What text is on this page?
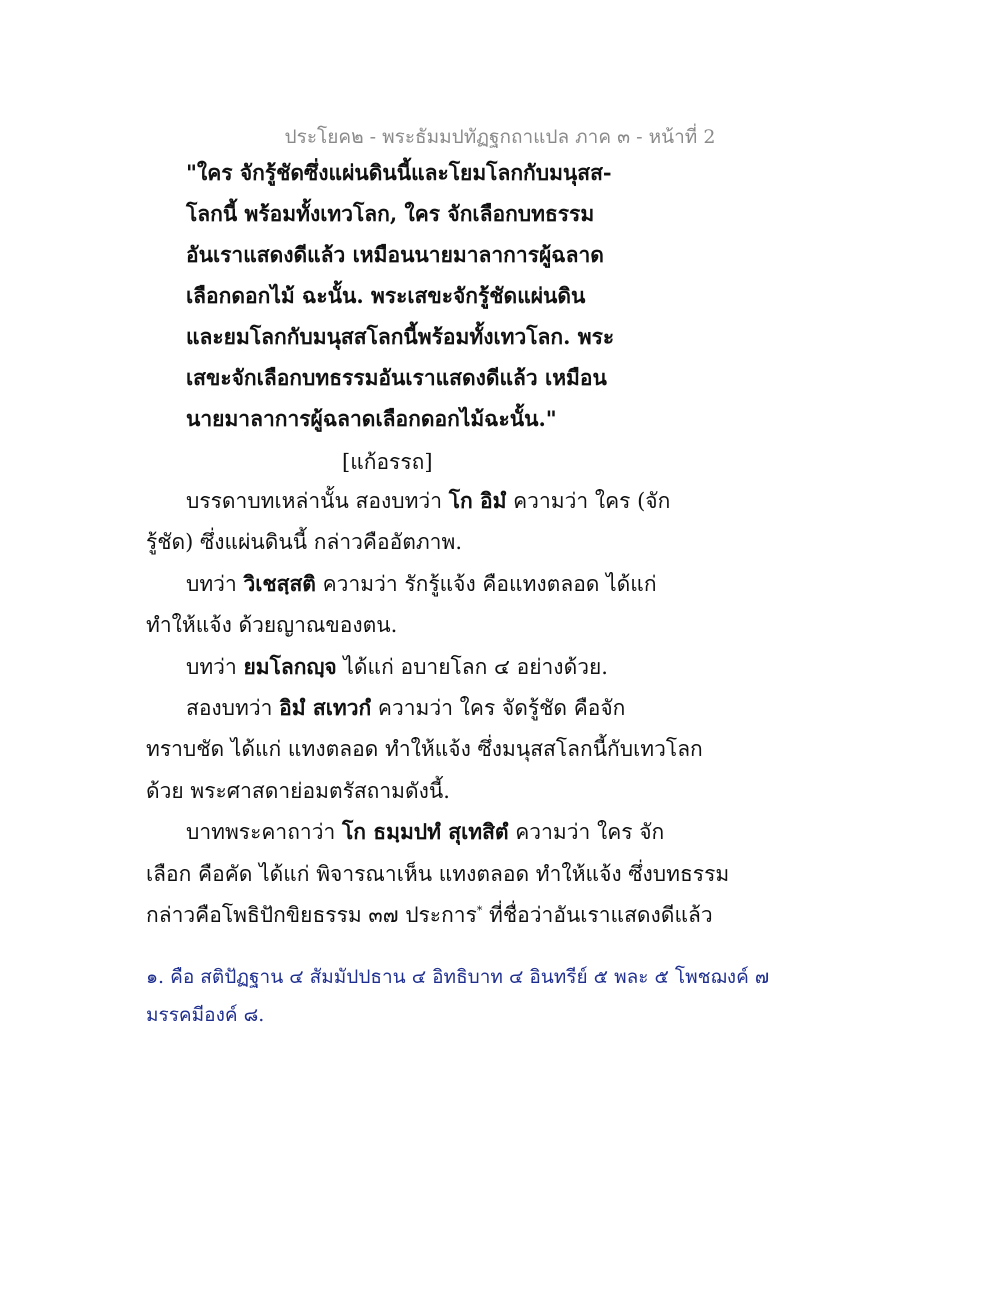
ประโยค๒ - พระธัมมปทัฏฐกถาแปล ภาค ๓ - หน้าที่ 2
"ใคร จักรู้ชัดซึ่งแผ่นดินนี้และโยมโลกกับมนุสส-
โลกนี้ พร้อมทั้งเทวโลก, ใคร จักเลือกบทธรรม
อันเราแสดงดีแล้ว เหมือนนายมาลาการผู้ฉลาด
เลือกดอกไม้ ฉะนั้น. พระเสขะจักรู้ชัดแผ่นดิน
และยมโลกกับมนุสสโลกนี้พร้อมทั้งเทวโลก. พระ
เสขะจักเลือกบทธรรมอันเราแสดงดีแล้ว เหมือน
นายมาลาการผู้ฉลาดเลือกดอกไม้ฉะนั้น."
[แก้อรรถ]
บรรดาบทเหล่านั้น สองบทว่า โก อิมํ ความว่า ใคร (จัก
รู้ชัด) ซึ่งแผ่นดินนี้ กล่าวคืออัตภาพ.
บทว่า วิเชสฺสติ ความว่า รักรู้แจ้ง คือแทงตลอด ได้แก่
ทำให้แจ้ง ด้วยญาณของตน.
บทว่า ยมโลกญฺจ ได้แก่ อบายโลก ๔ อย่างด้วย.
สองบทว่า อิมํ สเทวกํ ความว่า ใคร จัดรู้ชัด คือจัก
ทราบชัด ได้แก่ แทงตลอด ทำให้แจ้ง ซึ่งมนุสสโลกนี้กับเทวโลก
ด้วย พระศาสดาย่อมตรัสถามดังนี้.
บาทพระคาถาว่า โก ธมฺมปทํ สุเทสิตํ ความว่า ใคร จัก
เลือก คือคัด ได้แก่ พิจารณาเห็น แทงตลอด ทำให้แจ้ง ซึ่งบทธรรม
กล่าวคือโพธิปักขิยธรรม ๓๗ ประการ* ที่ชื่อว่าอันเราแสดงดีแล้ว
๑. คือ สติปัฏฐาน ๔ สัมมัปปธาน ๔ อิทธิบาท ๔ อินทรีย์ ๕ พละ ๕ โพชฌงค์ ๗
มรรคมีองค์ ๘.
